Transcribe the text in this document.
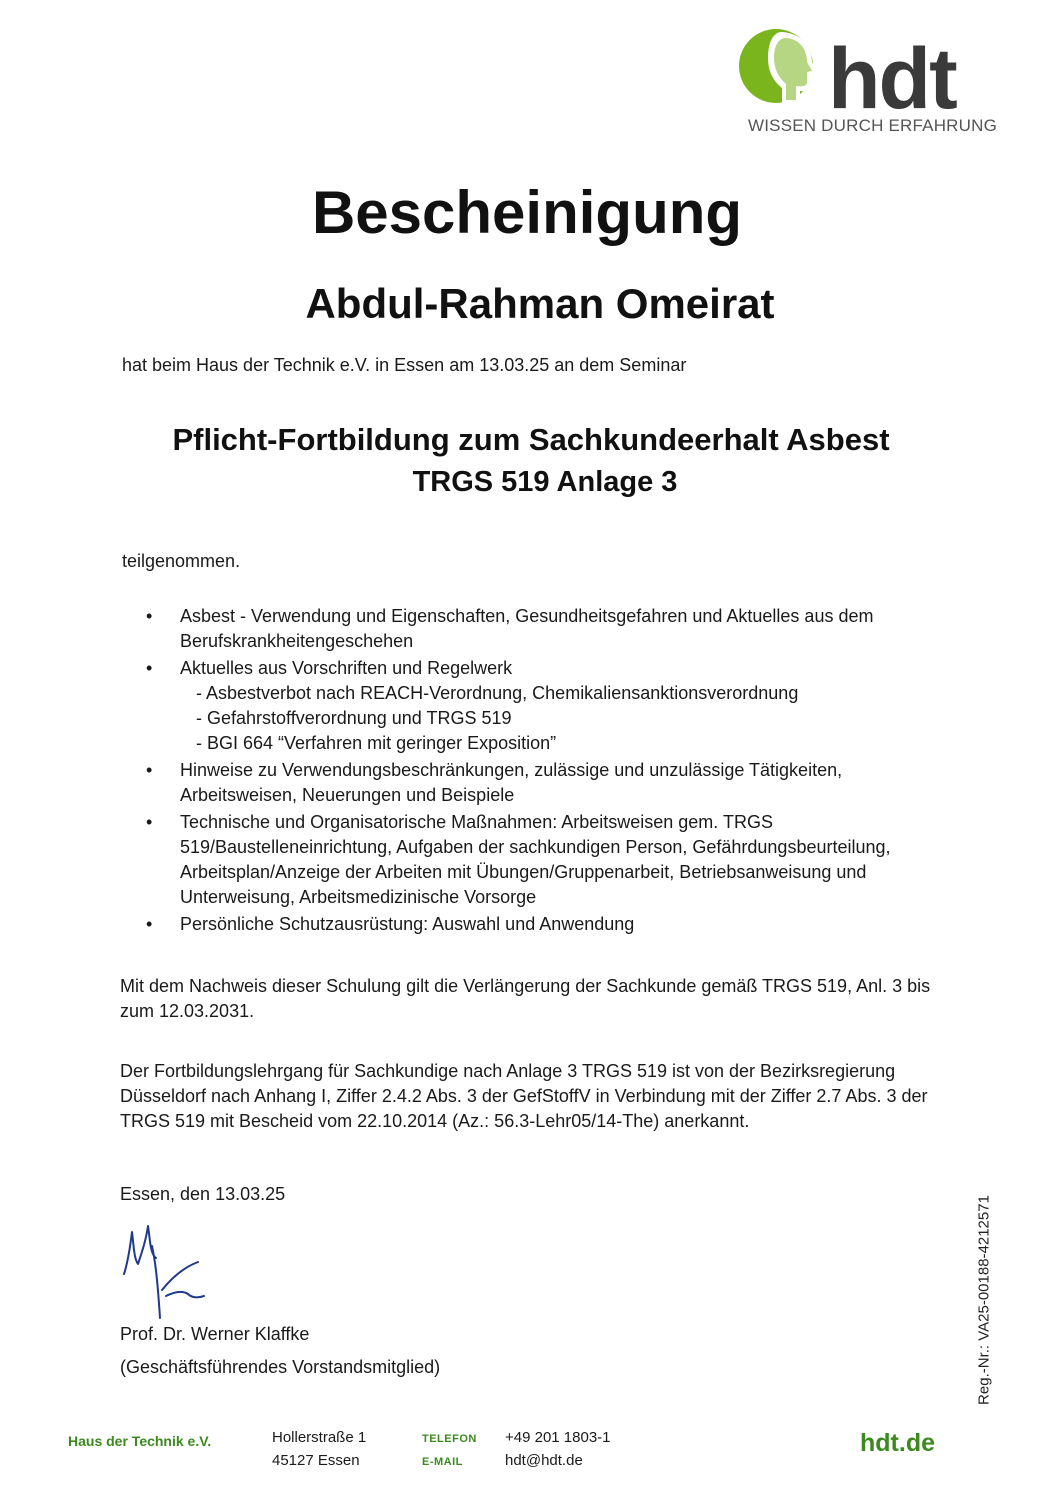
hdt
WISSEN DURCH ERFAHRUNG
Bescheinigung
Abdul-Rahman Omeirat
hat beim Haus der Technik e.V. in Essen am 13.03.25 an dem Seminar
Pflicht-Fortbildung zum Sachkundeerhalt Asbest
TRGS 519 Anlage 3
teilgenommen.
• Asbest - Verwendung und Eigenschaften, Gesundheitsgefahren und Aktuelles aus dem
Berufskrankheitengeschehen
• Aktuelles aus Vorschriften und Regelwerk
- Asbestverbot nach REACH-Verordnung, Chemikaliensanktionsverordnung
- Gefahrstoffverordnung und TRGS 519
- BGI 664 “Verfahren mit geringer Exposition”
• Hinweise zu Verwendungsbeschränkungen, zulässige und unzulässige Tätigkeiten,
Arbeitsweisen, Neuerungen und Beispiele
• Technische und Organisatorische Maßnahmen: Arbeitsweisen gem. TRGS
519/Baustelleneinrichtung, Aufgaben der sachkundigen Person, Gefährdungsbeurteilung,
Arbeitsplan/Anzeige der Arbeiten mit Übungen/Gruppenarbeit, Betriebsanweisung und
Unterweisung, Arbeitsmedizinische Vorsorge
• Persönliche Schutzausrüstung: Auswahl und Anwendung
Mit dem Nachweis dieser Schulung gilt die Verlängerung der Sachkunde gemäß TRGS 519, Anl. 3 bis
zum 12.03.2031.
Der Fortbildungslehrgang für Sachkundige nach Anlage 3 TRGS 519 ist von der Bezirksregierung
Düsseldorf nach Anhang I, Ziffer 2.4.2 Abs. 3 der GefStoffV in Verbindung mit der Ziffer 2.7 Abs. 3 der
TRGS 519 mit Bescheid vom 22.10.2014 (Az.: 56.3-Lehr05/14-The) anerkannt.
Essen, den 13.03.25
Prof. Dr. Werner Klaffke
(Geschäftsführendes Vorstandsmitglied)	Reg.-Nr.: VA25-00188-4212571
Haus der Technik e.V.	Hollerstraße 1
45127 Essen
TELEFON
E-MAIL
+49 201 1803-1
hdt@hdt.de
hdt.de
